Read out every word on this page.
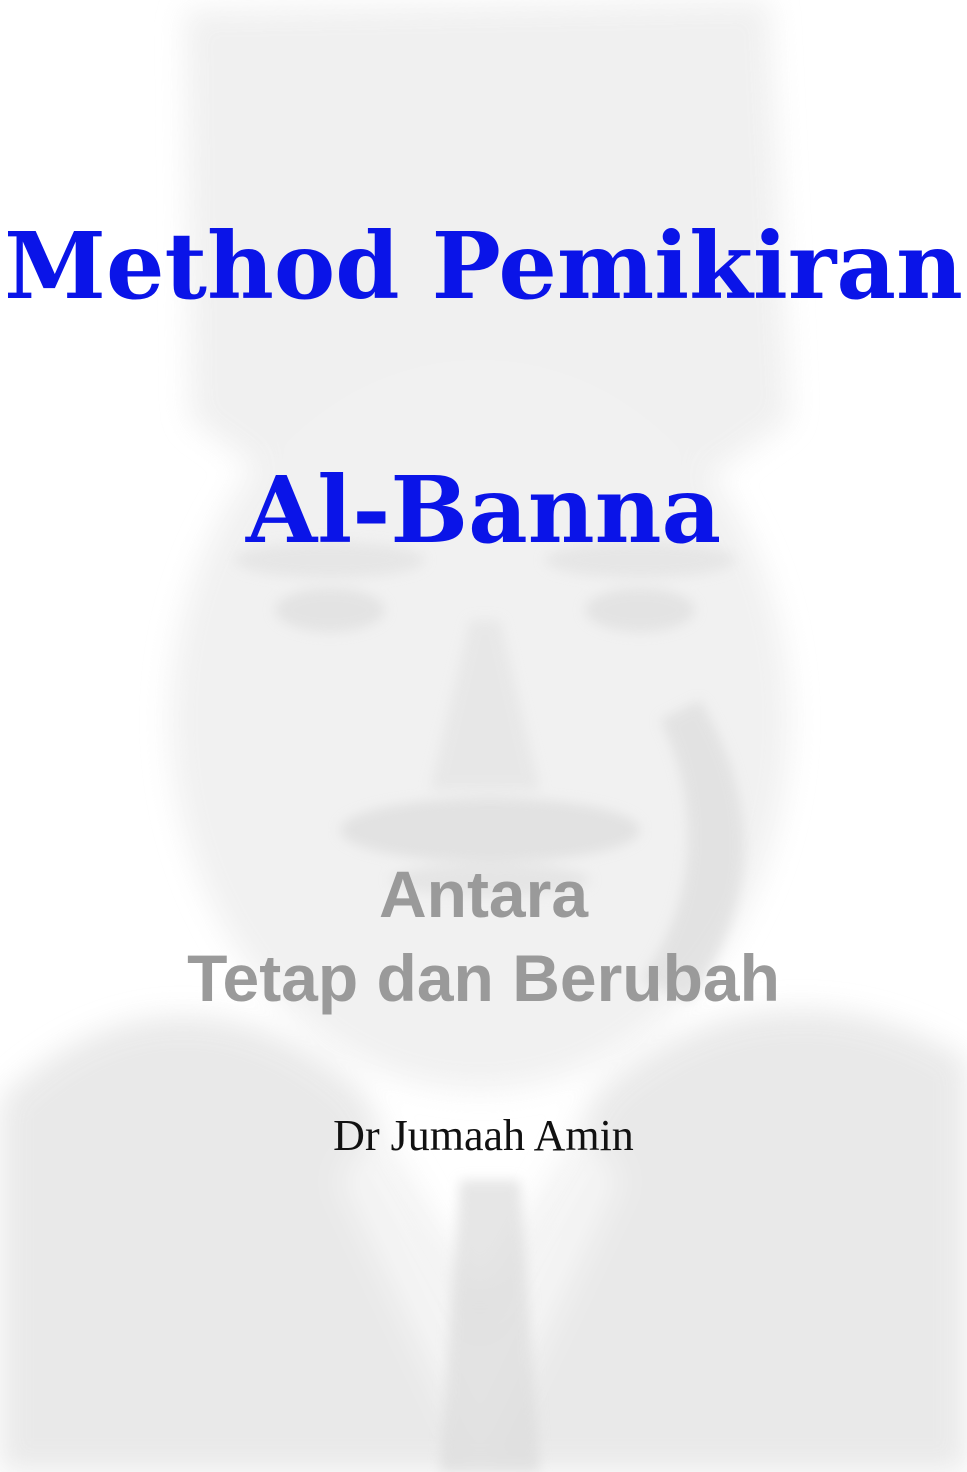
Method Pemikiran
Al-Banna
Antara
Tetap dan Berubah
Dr Jumaah Amin
